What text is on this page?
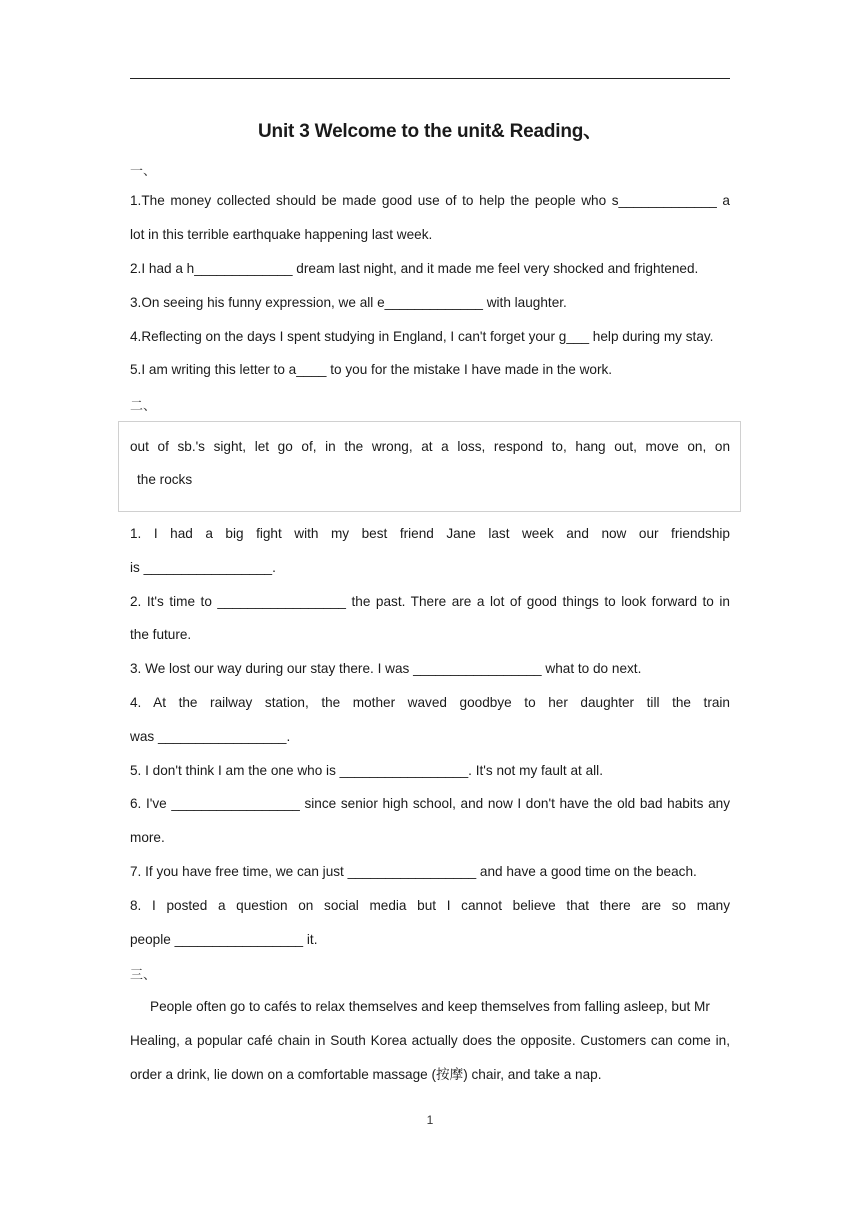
Unit 3 Welcome to the unit& Reading、
一、
1.The money collected should be made good use of to help the people who s_____________ a
lot in this terrible earthquake happening last week.
2.I had a h_____________ dream last night, and it made me feel very shocked and frightened.
3.On seeing his funny expression, we all e_____________ with laughter.
4.Reflecting on the days I spent studying in England, I can't forget your g___ help during my stay.
5.I am writing this letter to a____ to you for the mistake I have made in the work.
二、
out of sb.'s sight, let go of, in the wrong, at a loss, respond to, hang out, move on, on
the rocks
1. I had a big fight with my best friend Jane last week and now our friendship
is _________________.
2. It's time to _________________ the past. There are a lot of good things to look forward to in
the future.
3. We lost our way during our stay there. I was _________________ what to do next.
4. At the railway station, the mother waved goodbye to her daughter till the train
was _________________.
5. I don't think I am the one who is _________________. It's not my fault at all.
6. I've _________________ since senior high school, and now I don't have the old bad habits any
more.
7. If you have free time, we can just _________________ and have a good time on the beach.
8. I posted a question on social media but I cannot believe that there are so many
people _________________ it.
三、
People often go to cafés to relax themselves and keep themselves from falling asleep, but Mr
Healing, a popular café chain in South Korea actually does the opposite. Customers can come in,
order a drink, lie down on a comfortable massage (按摩) chair, and take a nap.
1
